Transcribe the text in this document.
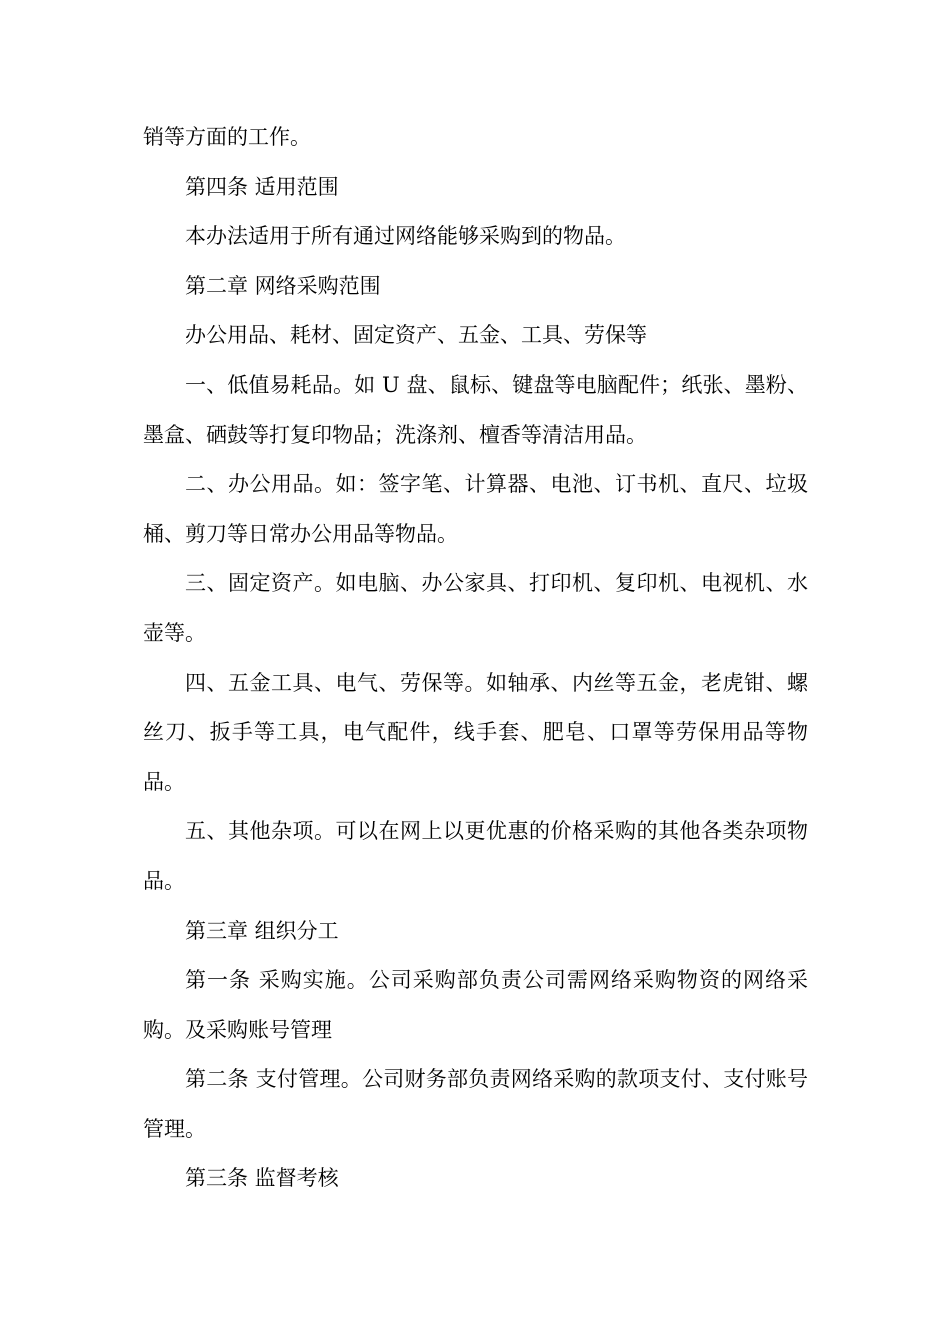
销等方面的工作。

第四条 适用范围

本办法适用于所有通过网络能够采购到的物品。

第二章 网络采购范围

办公用品、耗材、固定资产、五金、工具、劳保等

一、低值易耗品。如 U 盘、鼠标、键盘等电脑配件；纸张、墨粉、墨盒、硒鼓等打复印物品；洗涤剂、檀香等清洁用品。

二、办公用品。如：签字笔、计算器、电池、订书机、直尺、垃圾桶、剪刀等日常办公用品等物品。

三、固定资产。如电脑、办公家具、打印机、复印机、电视机、水壶等。

四、五金工具、电气、劳保等。如轴承、内丝等五金，老虎钳、螺丝刀、扳手等工具，电气配件，线手套、肥皂、口罩等劳保用品等物品。

五、其他杂项。可以在网上以更优惠的价格采购的其他各类杂项物品。

第三章 组织分工

第一条 采购实施。公司采购部负责公司需网络采购物资的网络采购。及采购账号管理

第二条 支付管理。公司财务部负责网络采购的款项支付、支付账号管理。

第三条 监督考核
